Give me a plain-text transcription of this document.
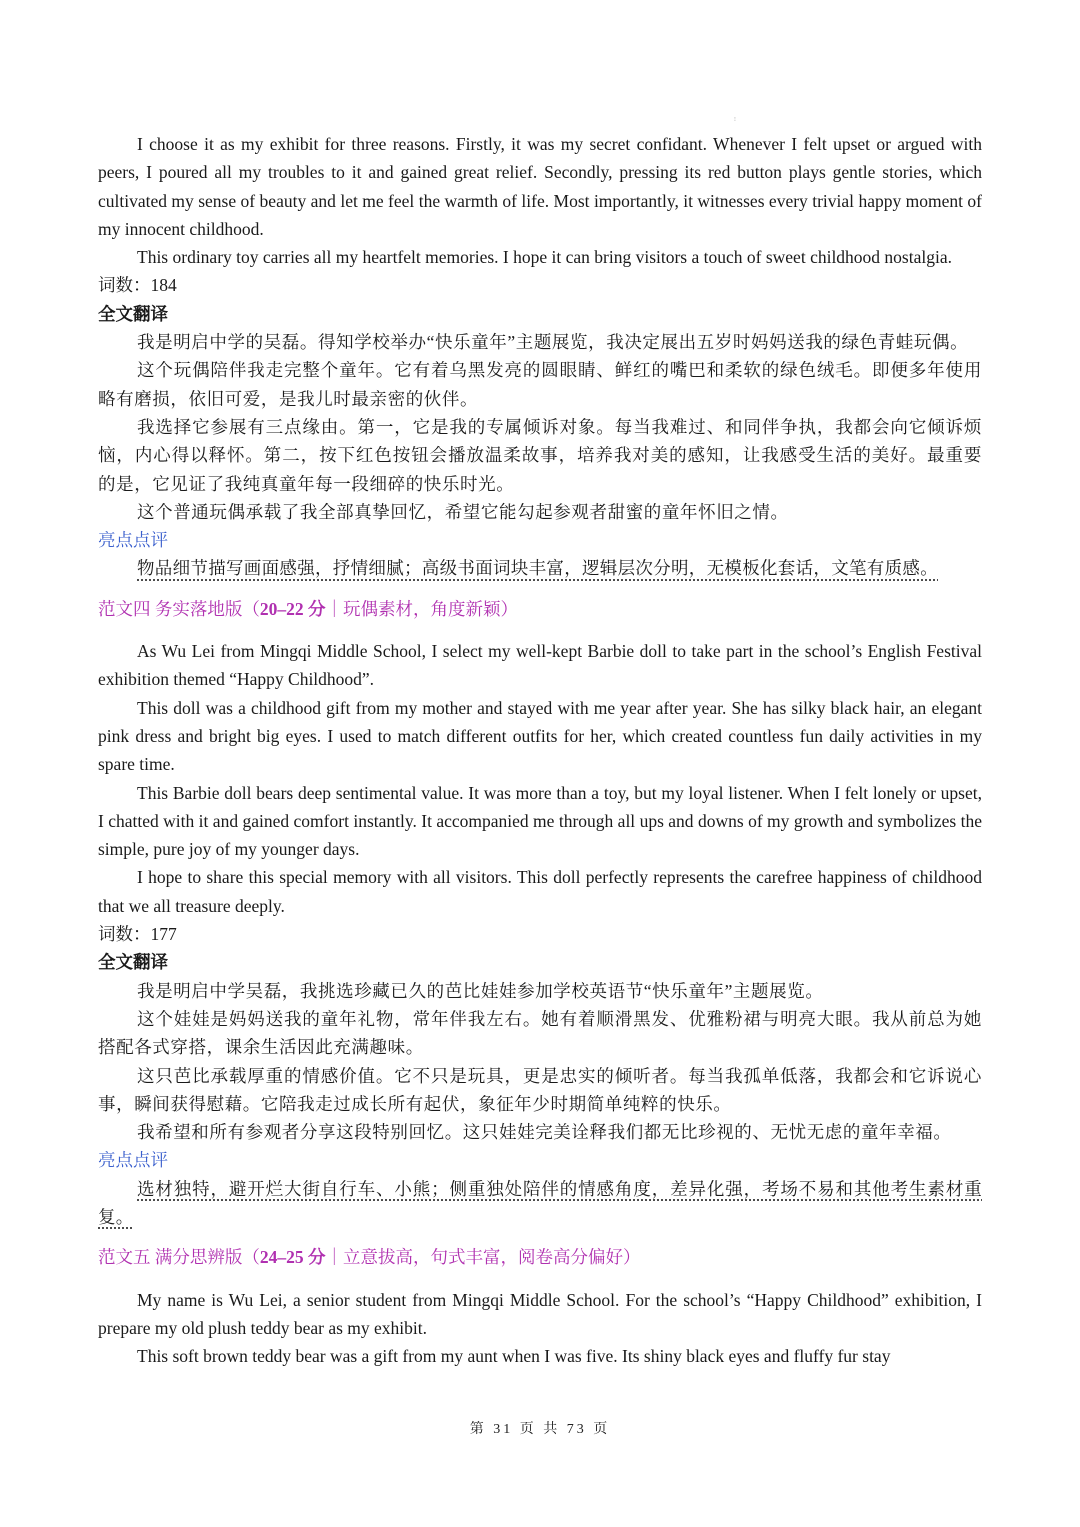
⁝

I choose it as my exhibit for three reasons. Firstly, it was my secret confidant. Whenever I felt upset or argued with peers, I poured all my troubles to it and gained great relief. Secondly, pressing its red button plays gentle stories, which cultivated my sense of beauty and let me feel the warmth of life. Most importantly, it witnesses every trivial happy moment of my innocent childhood.

This ordinary toy carries all my heartfelt memories. I hope it can bring visitors a touch of sweet childhood nostalgia.

词数：184

全文翻译

我是明启中学的吴磊。得知学校举办“快乐童年”主题展览，我决定展出五岁时妈妈送我的绿色青蛙玩偶。

这个玩偶陪伴我走完整个童年。它有着乌黑发亮的圆眼睛、鲜红的嘴巴和柔软的绿色绒毛。即便多年使用略有磨损，依旧可爱，是我儿时最亲密的伙伴。

我选择它参展有三点缘由。第一，它是我的专属倾诉对象。每当我难过、和同伴争执，我都会向它倾诉烦恼，内心得以释怀。第二，按下红色按钮会播放温柔故事，培养我对美的感知，让我感受生活的美好。最重要的是，它见证了我纯真童年每一段细碎的快乐时光。

这个普通玩偶承载了我全部真挚回忆，希望它能勾起参观者甜蜜的童年怀旧之情。

亮点点评

物品细节描写画面感强，抒情细腻；高级书面词块丰富，逻辑层次分明，无模板化套话，文笔有质感。

范文四 务实落地版（20–22 分｜玩偶素材，角度新颖）

As Wu Lei from Mingqi Middle School, I select my well-kept Barbie doll to take part in the school’s English Festival exhibition themed “Happy Childhood”.

This doll was a childhood gift from my mother and stayed with me year after year. She has silky black hair, an elegant pink dress and bright big eyes. I used to match different outfits for her, which created countless fun daily activities in my spare time.

This Barbie doll bears deep sentimental value. It was more than a toy, but my loyal listener. When I felt lonely or upset, I chatted with it and gained comfort instantly. It accompanied me through all ups and downs of my growth and symbolizes the simple, pure joy of my younger days.

I hope to share this special memory with all visitors. This doll perfectly represents the carefree happiness of childhood that we all treasure deeply.

词数：177

全文翻译

我是明启中学吴磊，我挑选珍藏已久的芭比娃娃参加学校英语节“快乐童年”主题展览。

这个娃娃是妈妈送我的童年礼物，常年伴我左右。她有着顺滑黑发、优雅粉裙与明亮大眼。我从前总为她搭配各式穿搭，课余生活因此充满趣味。

这只芭比承载厚重的情感价值。它不只是玩具，更是忠实的倾听者。每当我孤单低落，我都会和它诉说心事，瞬间获得慰藉。它陪我走过成长所有起伏，象征年少时期简单纯粹的快乐。

我希望和所有参观者分享这段特别回忆。这只娃娃完美诠释我们都无比珍视的、无忧无虑的童年幸福。

亮点点评

选材独特，避开烂大街自行车、小熊；侧重独处陪伴的情感角度，差异化强，考场不易和其他考生素材重复。

范文五 满分思辨版（24–25 分｜立意拔高，句式丰富，阅卷高分偏好）

My name is Wu Lei, a senior student from Mingqi Middle School. For the school’s “Happy Childhood” exhibition, I prepare my old plush teddy bear as my exhibit.

This soft brown teddy bear was a gift from my aunt when I was five. Its shiny black eyes and fluffy fur stay

第 31 页 共 73 页
